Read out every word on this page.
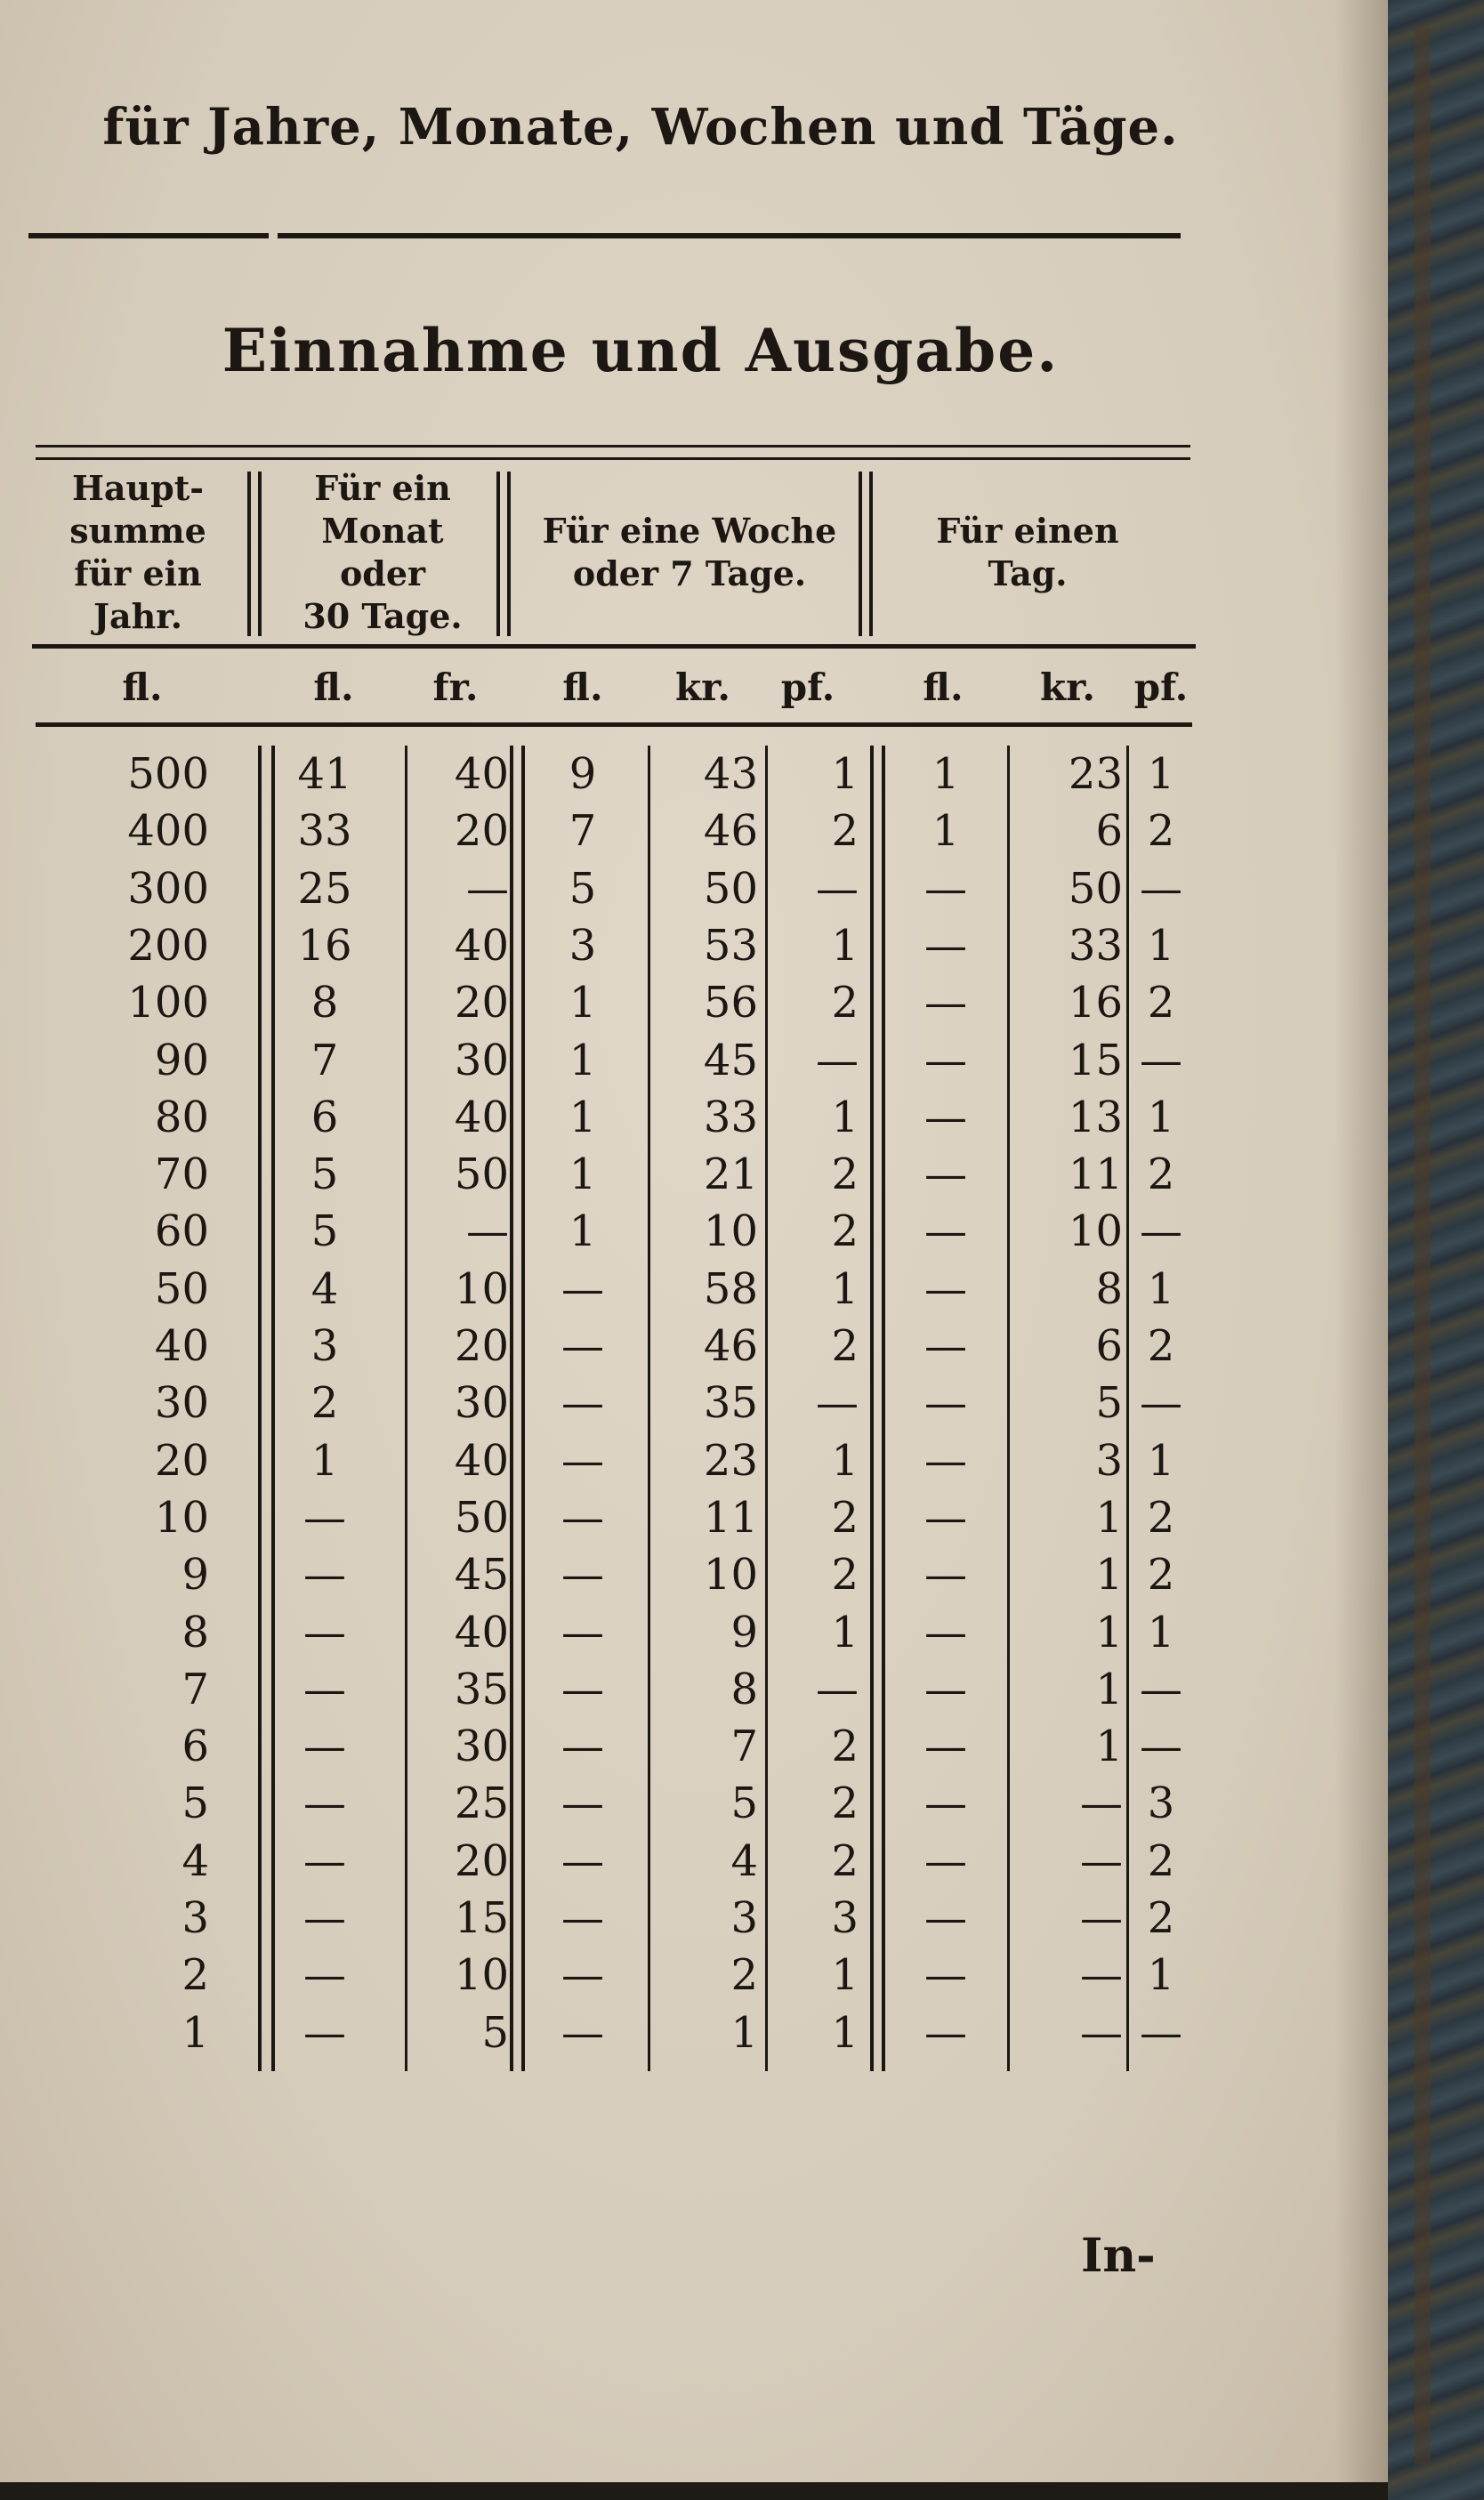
für Jahre, Monate, Wochen und Täge.
Einnahme und Ausgabe.
Haupt-
summe
für ein
Jahr.
Für ein
Monat
oder
30 Tage.
Für eine Woche
oder 7 Tage.
Für einen
Tag.
fl.	fl.	fr.	fl.	kr.	pf.	fl.	kr.	pf.
500	41	40	9	43	1	1	23 1
400	33	20	7	46	2	1	6 2
300	25	—	5	50	—	—	50 —
200	16	40	3	53	1	—	33 1
100	8	20	1	56	2	—	16 2
90	7	30	1	45	—	—	15 —
80	6	40	1	33	1	—	13 1
70	5	50	1	21	2	—	11 2
60	5	—	1	10	2	—	10 —
50	4	10	—	58	1	—	8 1
40	3	20	—	46	2	—	6 2
30	2	30	—	35	—	—	5 —
20	1	40	—	23	1	—	3 1
10	—	50	—	11	2	—	1 2
9	—	45	—	10	2	—	1 2
8	—	40	—	9	1	—	1 1
7	—	35	—	8	—	—	1 —
6	—	30	—	7	2	—	1 —
5	—	25	—	5	2	—	— 3
4	—	20	—	4	2	—	— 2
3	—	15	—	3	3	—	— 2
2	—	10	—	2	1	—	— 1
1	—	5	—	1	1	—	— —
In-
